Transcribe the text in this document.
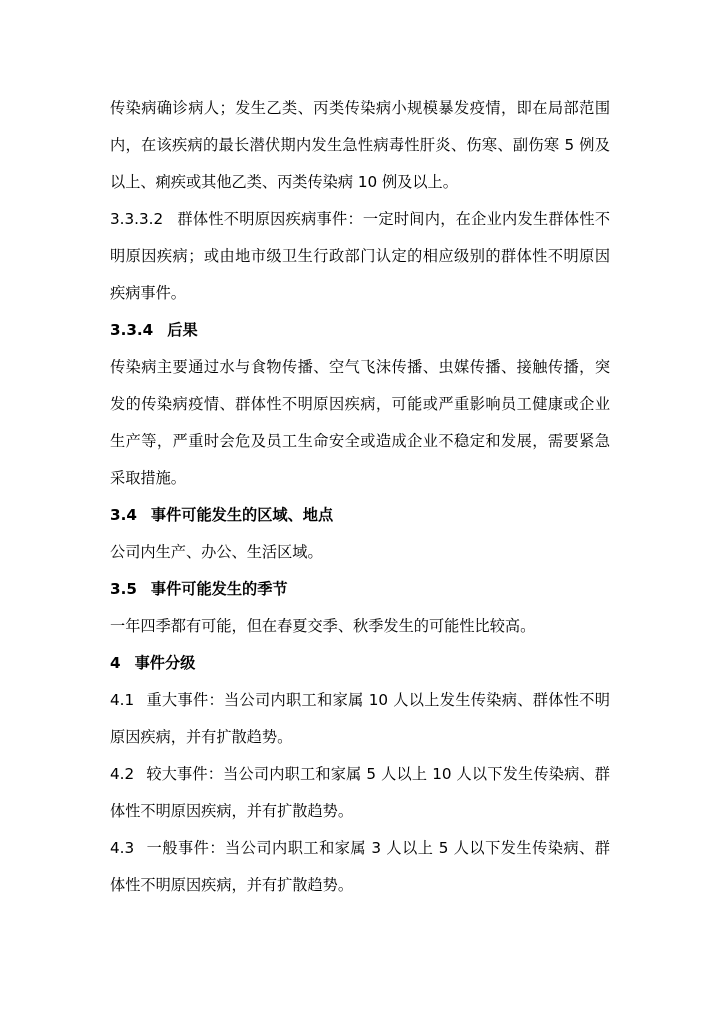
传染病确诊病人；发生乙类、丙类传染病小规模暴发疫情，即在局部范围内，在该疾病的最长潜伏期内发生急性病毒性肝炎、伤寒、副伤寒 5 例及以上、痢疾或其他乙类、丙类传染病 10 例及以上。

3.3.3.2 群体性不明原因疾病事件：一定时间内，在企业内发生群体性不明原因疾病；或由地市级卫生行政部门认定的相应级别的群体性不明原因疾病事件。

3.3.4 后果

传染病主要通过水与食物传播、空气飞沫传播、虫媒传播、接触传播，突发的传染病疫情、群体性不明原因疾病，可能或严重影响员工健康或企业生产等，严重时会危及员工生命安全或造成企业不稳定和发展，需要紧急采取措施。

3.4 事件可能发生的区域、地点

公司内生产、办公、生活区域。

3.5 事件可能发生的季节

一年四季都有可能，但在春夏交季、秋季发生的可能性比较高。

4 事件分级

4.1 重大事件：当公司内职工和家属 10 人以上发生传染病、群体性不明原因疾病，并有扩散趋势。

4.2 较大事件：当公司内职工和家属 5 人以上 10 人以下发生传染病、群体性不明原因疾病，并有扩散趋势。

4.3 一般事件：当公司内职工和家属 3 人以上 5 人以下发生传染病、群体性不明原因疾病，并有扩散趋势。
